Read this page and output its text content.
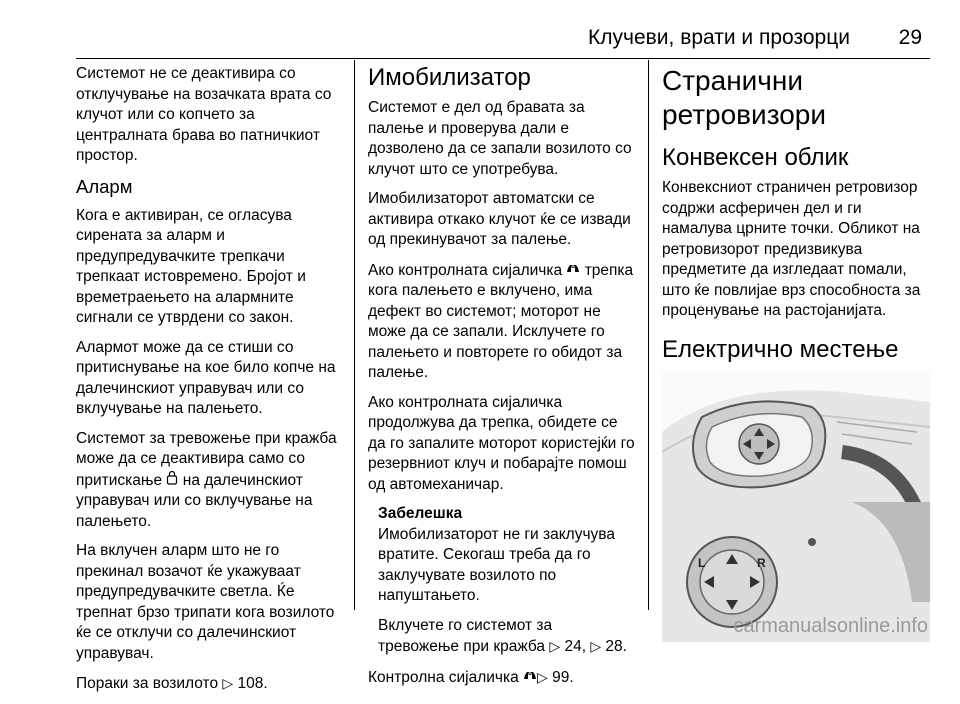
Клучеви, врати и прозорци 29

Системот не се деактивира со отклучување на возачката врата со клучот или со копчето за централната брава во патничкиот простор.

Аларм

Кога е активиран, се огласува сирената за аларм и предупредувачките трепкачи трепкаат истовремено. Бројот и времетраењето на алармните сигнали се утврдени со закон.

Алармот може да се стиши со притиснување на кое било копче на далечинскиот управувач или со вклучување на палењето.

Системот за тревожење при кражба може да се деактивира само со притискање  на далечинскиот управувач или со вклучување на палењето.

На вклучен аларм што не го прекинал возачот ќе укажуваат предупредувачките светла. Ќе трепнат брзо трипати кога возилото ќе се отклучи со далечинскиот управувач.

Пораки за возилото ▷ 108.

Имобилизатор

Системот е дел од бравата за палење и проверува дали е дозволено да се запали возилото со клучот што се употребува.

Имобилизаторот автоматски се активира откако клучот ќе се извади од прекинувачот за палење.

Ако контролната сијаличка  трепка кога палењето е вклучено, има дефект во системот; моторот не може да се запали. Исклучете го палењето и повторете го обидот за палење.

Ако контролната сијаличка продолжува да трепка, обидете се да го запалите моторот користејќи го резервниот клуч и побарајте помош од автомеханичар.

Забелешка

Имобилизаторот не ги заклучува вратите. Секогаш треба да го заклучувате возилото по напуштањето.

Вклучете го системот за тревожење при кражба ▷ 24, ▷ 28.

Контролна сијаличка ▷ 99.

Странични ретровизори
Конвексен облик

Конвексниот страничен ретровизор содржи асферичен дел и ги намалува црните точки. Обликот на ретровизорот предизвикува предметите да изгледаат помали, што ќе повлијае врз способноста за проценување на растојанијата.

Електрично местење
L	R
carmanualsonline.info
